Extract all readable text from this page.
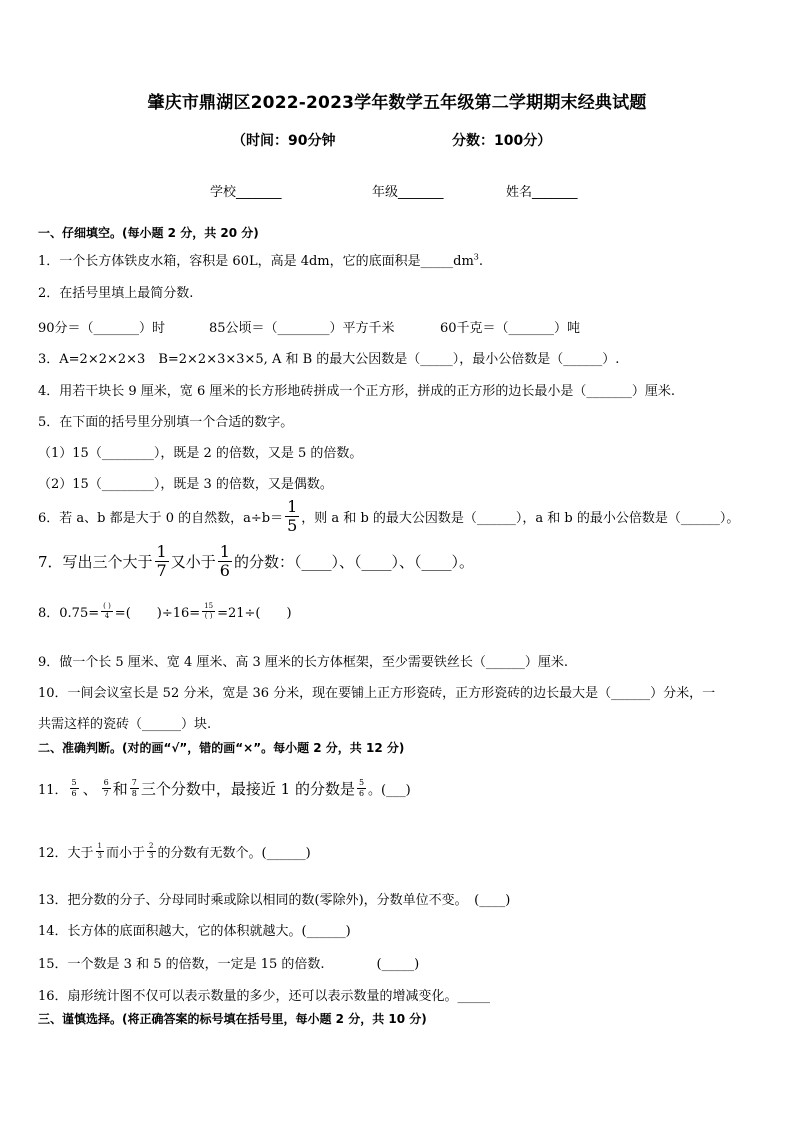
肇庆市鼎湖区2022-2023学年数学五年级第二学期期末经典试题
（时间：90分钟	分数：100分）
学校_______	年级_______	姓名_______
一、仔细填空。(每小题 2 分，共 20 分)
1．一个长方体铁皮水箱，容积是 60L，高是 4dm，它的底面积是$\_\_\_\_\_dm^3$.
2．在括号里填上最简分数.
90分＝（_______）时	85公顷＝（________）平方千米	60千克＝（_______）吨
3．A=2×2×2×3　B=2×2×3×3×5, A 和 B 的最大公因数是（_____），最小公倍数是（______）.
4．用若干块长 9 厘米，宽 6 厘米的长方形地砖拼成一个正方形，拼成的正方形的边长最小是（_______）厘米.
5．在下面的括号里分别填一个合适的数字。
（1）15（________），既是 2 的倍数，又是 5 的倍数。
（2）15（________），既是 3 的倍数，又是偶数。
6．若 a、b 都是大于 0 的自然数，$a\div b= \frac{1}{5}$ ，则 a 和 b 的最大公因数是（______），a 和 b 的最小公倍数是（______）。
7．写出三个大于 $\frac{1}{7}$ 又小于 $\frac{1}{6}$ 的分数：（____）、（____）、（____）。
8．$0.75= \frac{( )}{4}$ =(　　)$\div 16= \frac{15}{( )} =21\div$(　　)
9．做一个长 5 厘米、宽 4 厘米、高 3 厘米的长方体框架，至少需要铁丝长（______）厘米.
10．一间会议室长是 52 分米，宽是 36 分米，现在要铺上正方形瓷砖，正方形瓷砖的边长最大是（______）分米，一
共需这样的瓷砖（______）块.
二、准确判断。(对的画“√”，错的画“×”。每小题 2 分，共 12 分)
11． $\frac{5}{6}$ 、 $\frac{6}{7}$ 和 $\frac{7}{8}$ 三个分数中，最接近 1 的分数是 $\frac{5}{6}$ 。(___)
12．大于 $\frac{1}{3}$ 而小于 $\frac{2}{3}$ 的分数有无数个。(______)
13．把分数的分子、分母同时乘或除以相同的数(零除外)，分数单位不变。　(____)
14．长方体的底面积越大，它的体积就越大。(______)
15．一个数是 3 和 5 的倍数，一定是 15 的倍数.　　　　(_____)
16．扇形统计图不仅可以表示数量的多少，还可以表示数量的增减变化。_____
三、谨慎选择。(将正确答案的标号填在括号里，每小题 2 分，共 10 分)
